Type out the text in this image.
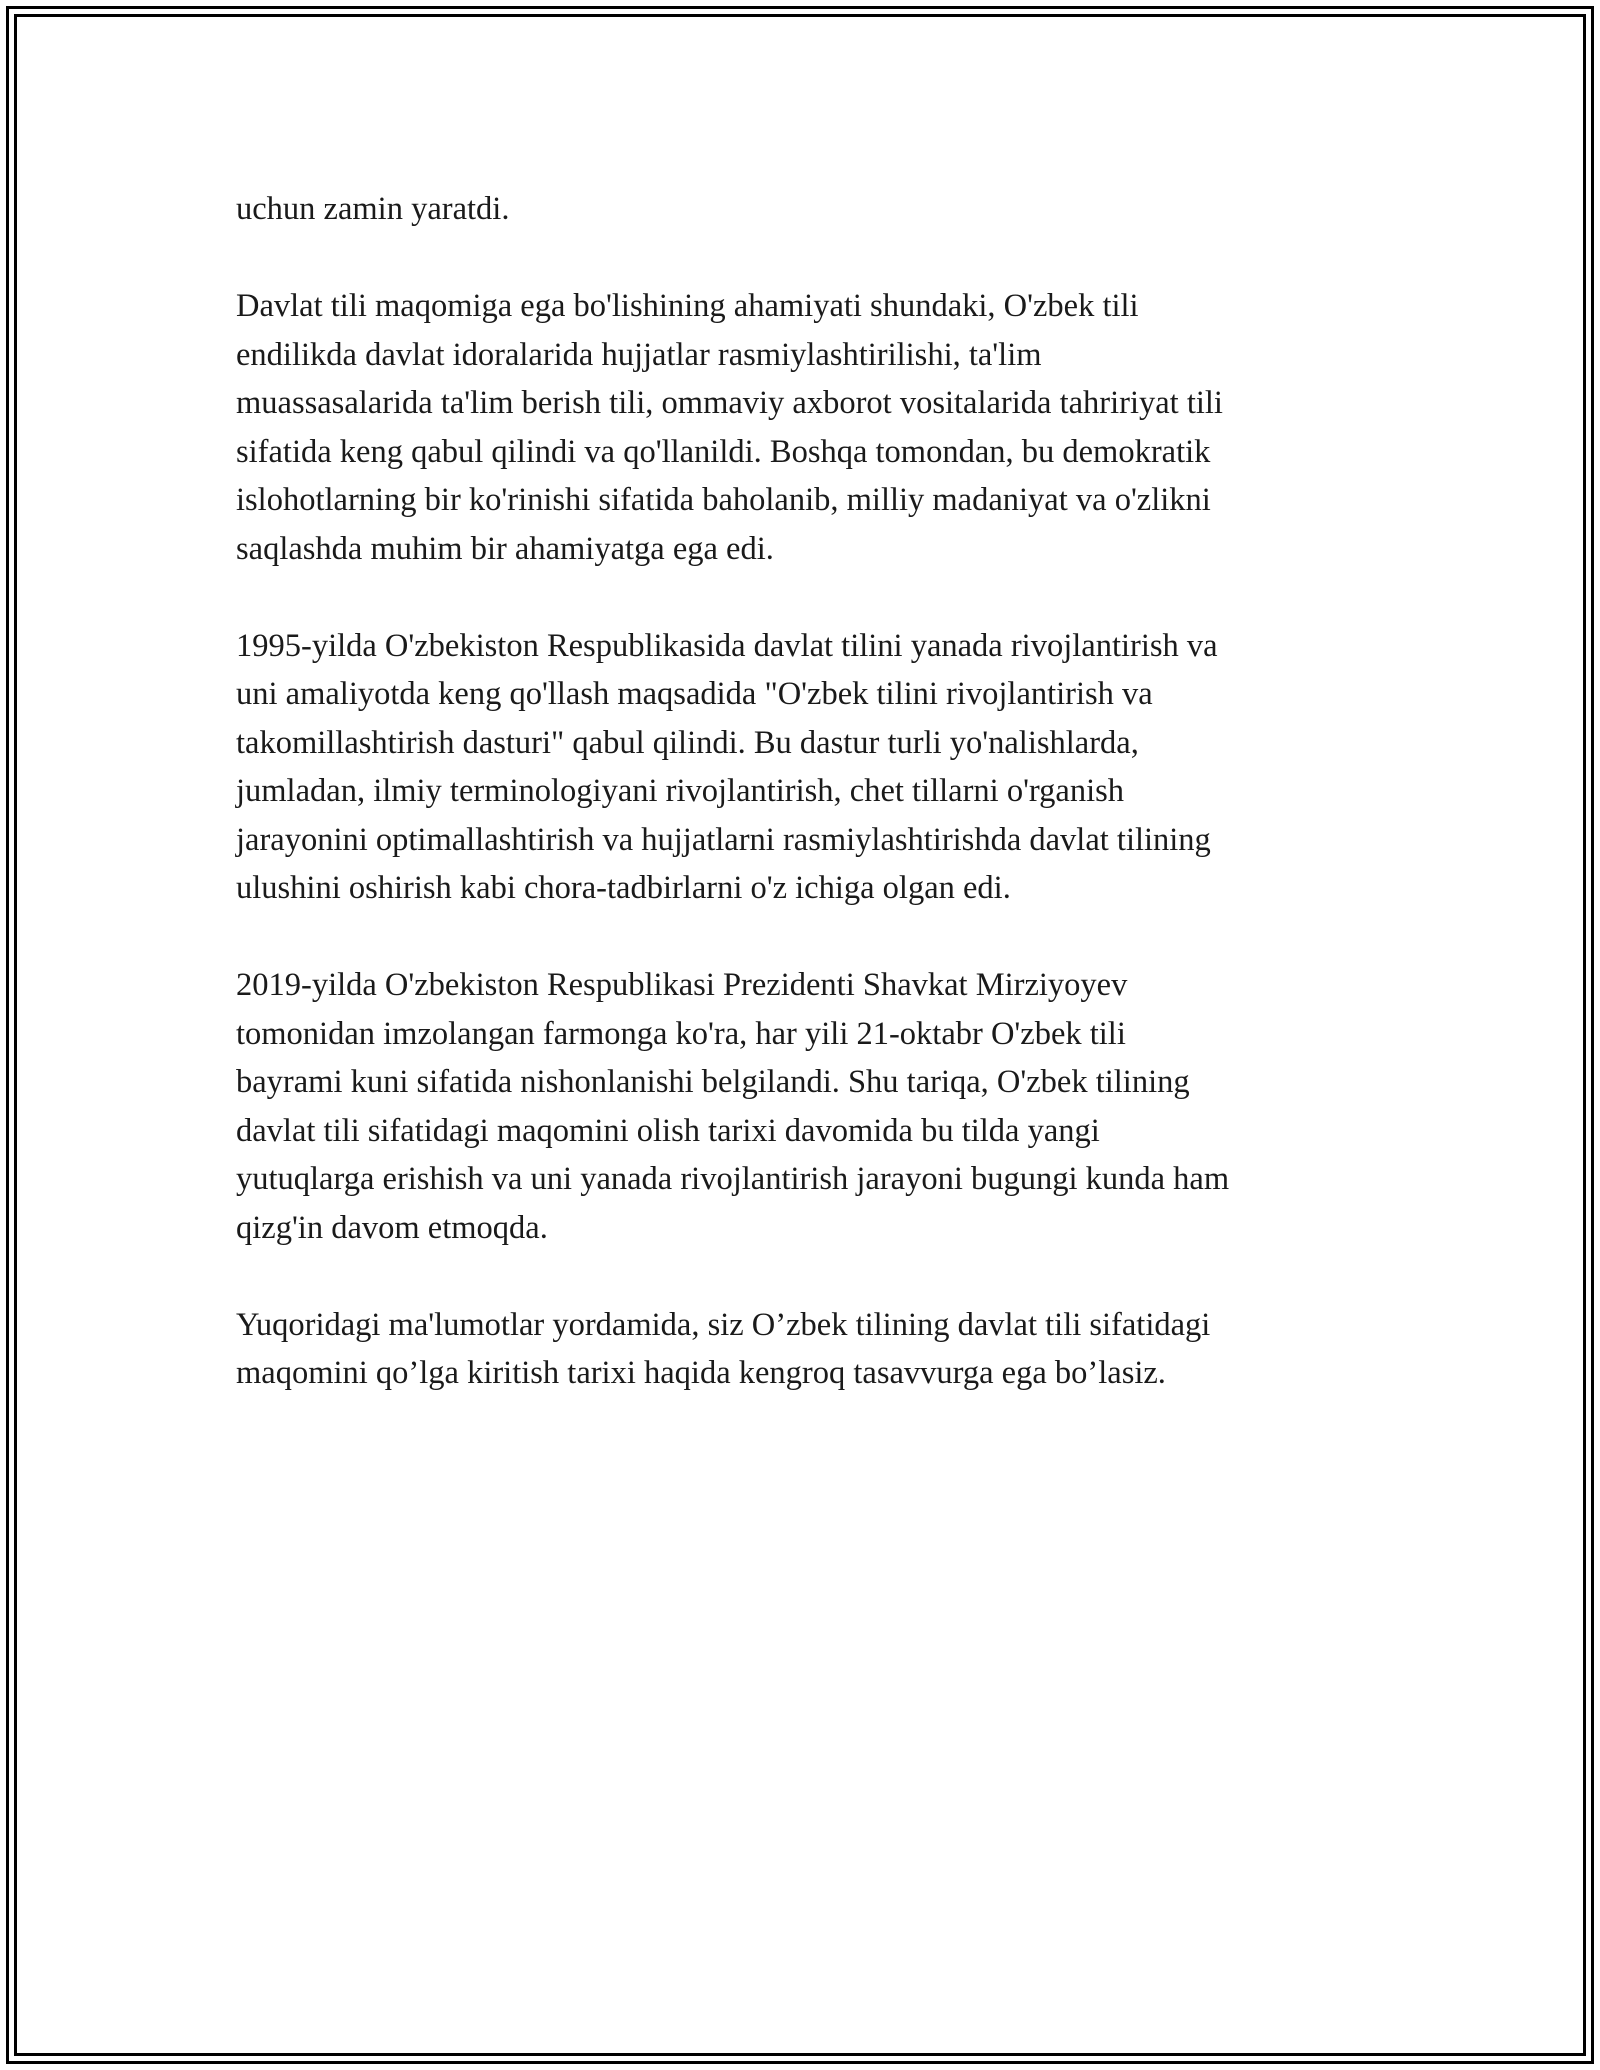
uchun zamin yaratdi.

Davlat tili maqomiga ega bo'lishining ahamiyati shundaki, O'zbek tili
endilikda davlat idoralarida hujjatlar rasmiylashtirilishi, ta'lim
muassasalarida ta'lim berish tili, ommaviy axborot vositalarida tahririyat tili
sifatida keng qabul qilindi va qo'llanildi. Boshqa tomondan, bu demokratik
islohotlarning bir ko'rinishi sifatida baholanib, milliy madaniyat va o'zlikni
saqlashda muhim bir ahamiyatga ega edi.

1995-yilda O'zbekiston Respublikasida davlat tilini yanada rivojlantirish va
uni amaliyotda keng qo'llash maqsadida "O'zbek tilini rivojlantirish va
takomillashtirish dasturi" qabul qilindi. Bu dastur turli yo'nalishlarda,
jumladan, ilmiy terminologiyani rivojlantirish, chet tillarni o'rganish
jarayonini optimallashtirish va hujjatlarni rasmiylashtirishda davlat tilining
ulushini oshirish kabi chora-tadbirlarni o'z ichiga olgan edi.

2019-yilda O'zbekiston Respublikasi Prezidenti Shavkat Mirziyoyev
tomonidan imzolangan farmonga ko'ra, har yili 21-oktabr O'zbek tili
bayrami kuni sifatida nishonlanishi belgilandi. Shu tariqa, O'zbek tilining
davlat tili sifatidagi maqomini olish tarixi davomida bu tilda yangi
yutuqlarga erishish va uni yanada rivojlantirish jarayoni bugungi kunda ham
qizg'in davom etmoqda.

Yuqoridagi ma'lumotlar yordamida, siz O’zbek tilining davlat tili sifatidagi
maqomini qo’lga kiritish tarixi haqida kengroq tasavvurga ega bo’lasiz.
